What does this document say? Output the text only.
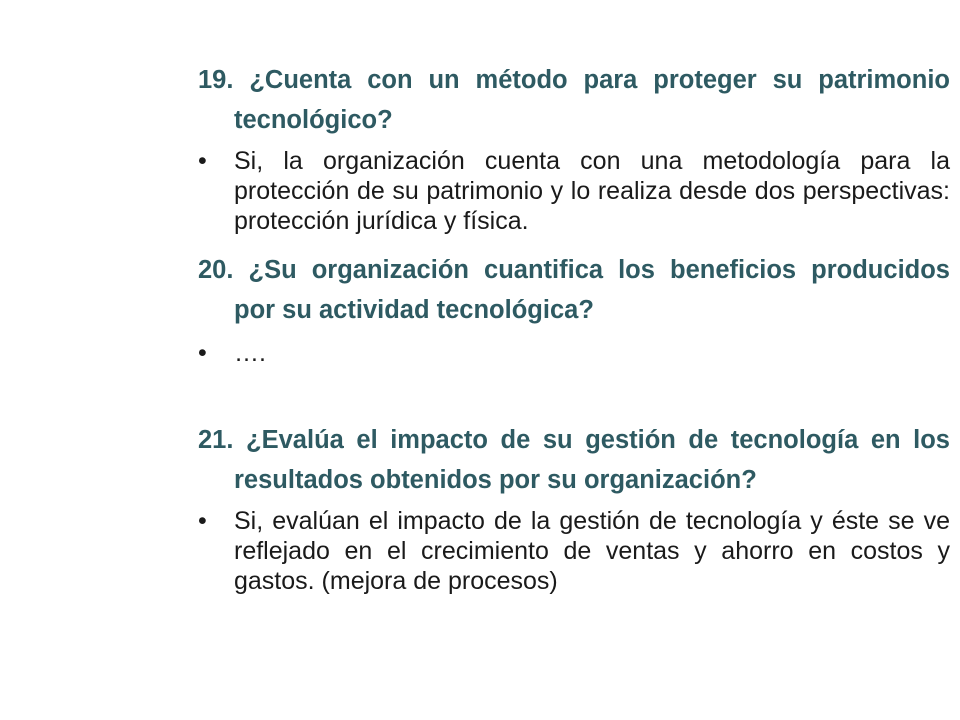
19. ¿Cuenta con un método para proteger su patrimonio tecnológico?

•	Si, la organización cuenta con una metodología para la protección de su patrimonio y lo realiza desde dos perspectivas: protección jurídica y física.

20. ¿Su organización cuantifica los beneficios producidos por su actividad tecnológica?

•	….

21. ¿Evalúa el impacto de su gestión de tecnología en los resultados obtenidos por su organización?

•	Si, evalúan el impacto de la gestión de tecnología y éste se ve reflejado en el crecimiento de ventas y ahorro en costos y gastos. (mejora de procesos)
